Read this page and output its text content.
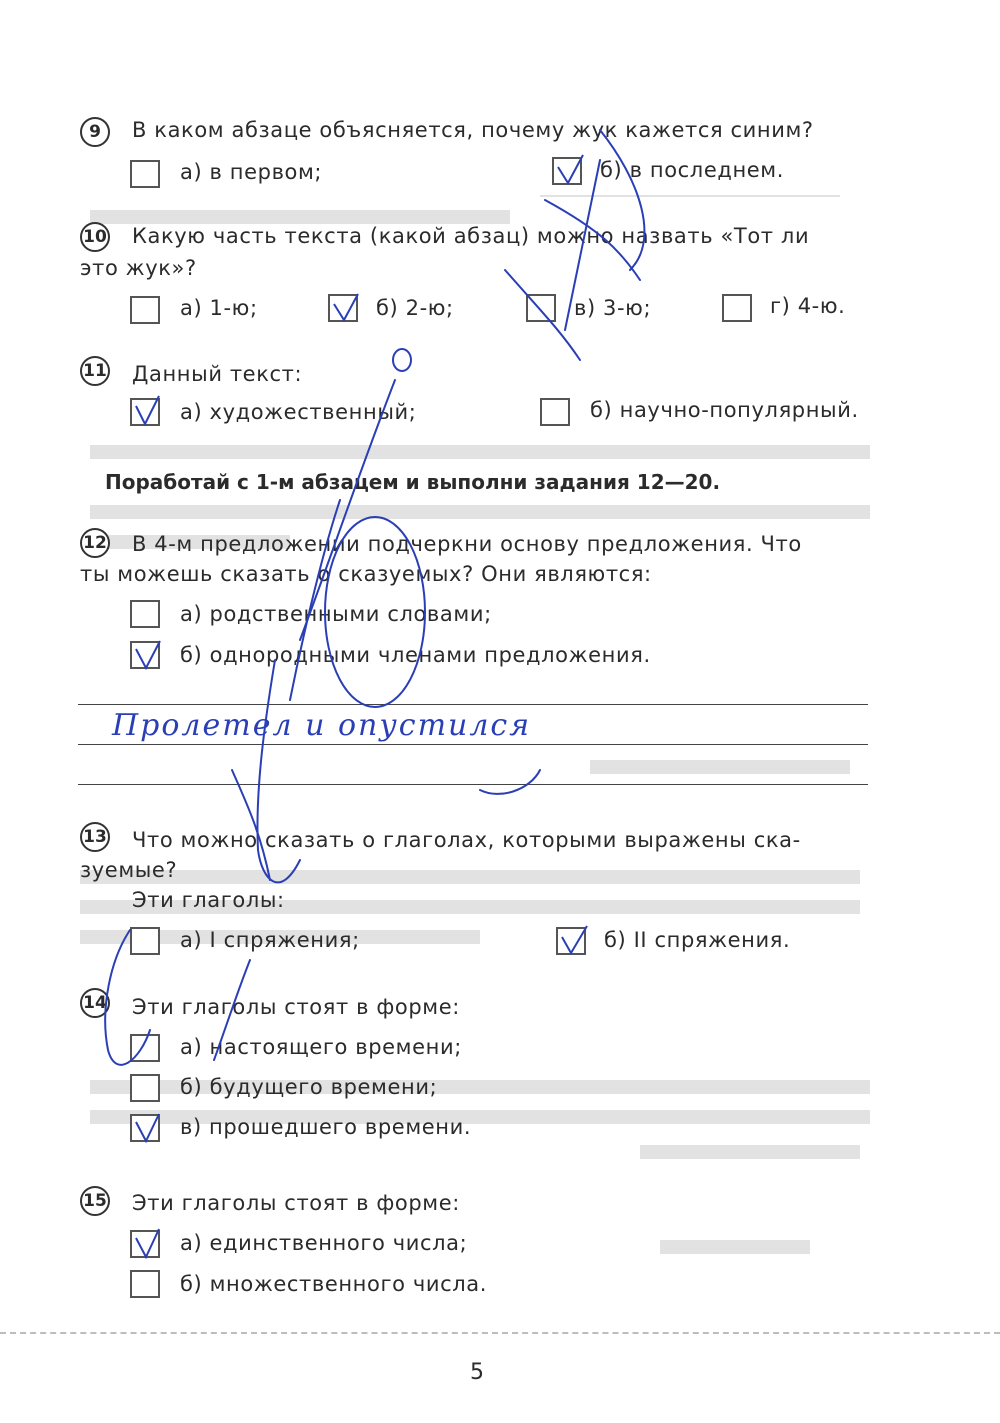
9	В каком абзаце объясняется, почему жук кажется синим?
а) в первом;	б) в последнем.
10 Какую часть текста (какой абзац) можно назвать «Тот ли
это жук»?
а) 1-ю;	б) 2-ю;	в) 3-ю;	г) 4-ю.
11 Данный текст:
а) художественный;	б) научно-популярный.
Поработай с 1-м абзацем и выполни задания 12—20.
12 В 4-м предложении подчеркни основу предложения. Что
ты можешь сказать о сказуемых? Они являются:
а) родственными словами;
б) однородными членами предложения.
Пролетел и опустился
13 Что можно сказать о глаголах, которыми выражены ска-
зуемые?
Эти глаголы:
а) I спряжения;	б) II спряжения.
14 Эти глаголы стоят в форме:
а) настоящего времени;
б) будущего времени;
в) прошедшего времени.
15 Эти глаголы стоят в форме:
а) единственного числа;
б) множественного числа.
5
